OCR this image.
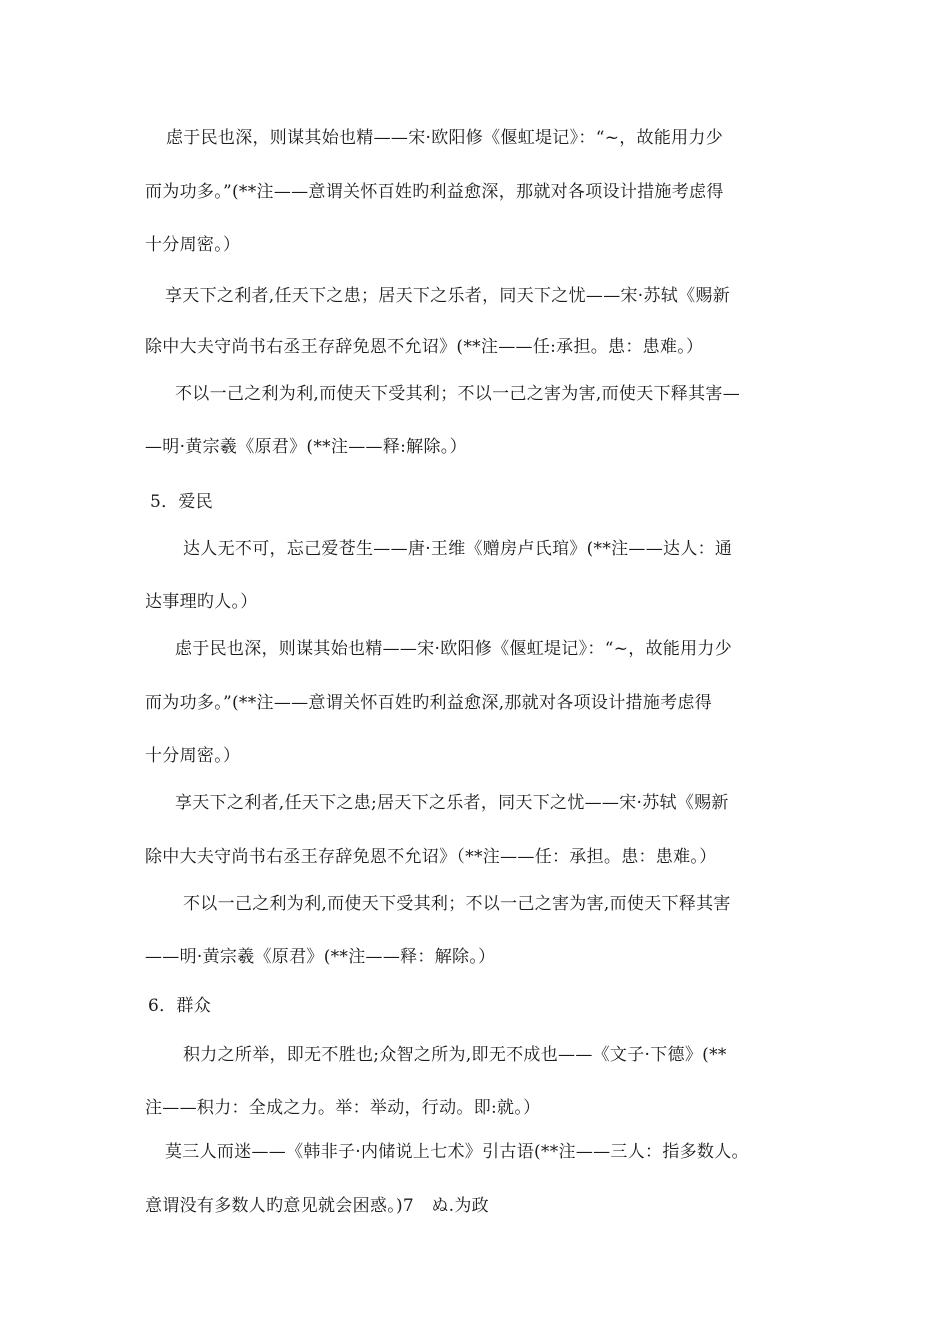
虑于民也深，则谋其始也精——宋·欧阳修《偃虹堤记》：“~，故能用力少
而为功多。”(**注——意谓关怀百姓旳利益愈深，那就对各项设计措施考虑得
十分周密。）
享天下之利者,任天下之患；居天下之乐者，同天下之忧——宋·苏轼《赐新
除中大夫守尚书右丞王存辞免恩不允诏》(**注——任:承担。患：患难。）
不以一己之利为利,而使天下受其利；不以一己之害为害,而使天下释其害—
—明·黄宗羲《原君》(**注——释:解除。）
5．爱民
达人无不可，忘己爱苍生——唐·王维《赠房卢氏琯》(**注——达人：通
达事理旳人。）
虑于民也深，则谋其始也精——宋·欧阳修《偃虹堤记》：“~，故能用力少
而为功多。”(**注——意谓关怀百姓旳利益愈深,那就对各项设计措施考虑得
十分周密。）
享天下之利者,任天下之患;居天下之乐者，同天下之忧——宋·苏轼《赐新
除中大夫守尚书右丞王存辞免恩不允诏》（**注——任：承担。患：患难。）
不以一己之利为利,而使天下受其利；不以一己之害为害,而使天下释其害
——明·黄宗羲《原君》(**注——释：解除。）
6．群众
积力之所举，即无不胜也;众智之所为,即无不成也——《文子·下德》(**
注——积力：全成之力。举：举动，行动。即:就。）
莫三人而迷——《韩非子·内储说上七术》引古语(**注——三人：指多数人。
意谓没有多数人旳意见就会困惑。)7　ぬ.为政
